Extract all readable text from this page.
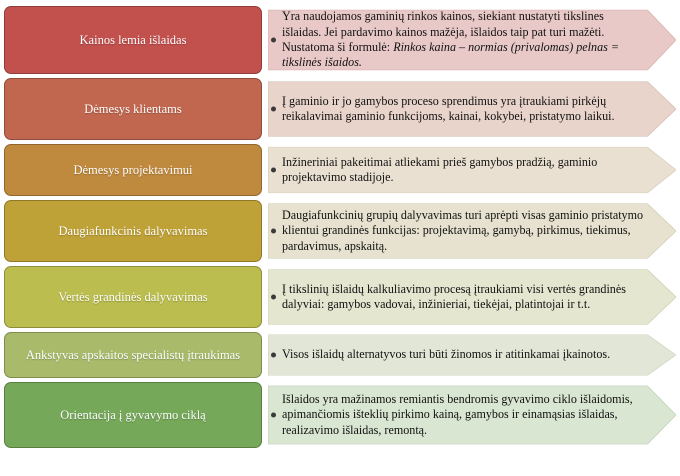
Kainos lemia išlaidas
Yra naudojamos gaminių rinkos kainos, siekiant nustatyti tikslines išlaidas. Jei pardavimo kainos mažėja, išlaidos taip pat turi mažėti. Nustatoma ši formulė: Rinkos kaina – normias (privalomas) pelnas = tikslinės išaidos.
Dėmesys klientams
Į gaminio ir jo gamybos proceso sprendimus yra įtraukiami pirkėjų reikalavimai gaminio funkcijoms, kainai, kokybei, pristatymo laikui.
Dėmesys projektavimui
Inžineriniai pakeitimai atliekami prieš gamybos pradžią, gaminio projektavimo stadijoje.
Daugiafunkcinis dalyvavimas
Daugiafunkcinių grupių dalyvavimas turi aprėpti visas gaminio pristatymo klientui grandinės funkcijas: projektavimą, gamybą, pirkimus, tiekimus, pardavimus, apskaitą.
Vertės grandinės dalyvavimas
Į tikslinių išlaidų kalkuliavimo procesą įtraukiami visi vertės grandinės dalyviai: gamybos vadovai, inžinieriai, tiekėjai, platintojai ir t.t.
Ankstyvas apskaitos specialistų įtraukimas	Visos išlaidų alternatyvos turi būti žinomos ir atitinkamai įkainotos.
Orientacija į gyvavymo ciklą
Išlaidos yra mažinamos remiantis bendromis gyvavimo ciklo išlaidomis, apimančiomis išteklių pirkimo kainą, gamybos ir einamąsias išlaidas, realizavimo išlaidas, remontą.
